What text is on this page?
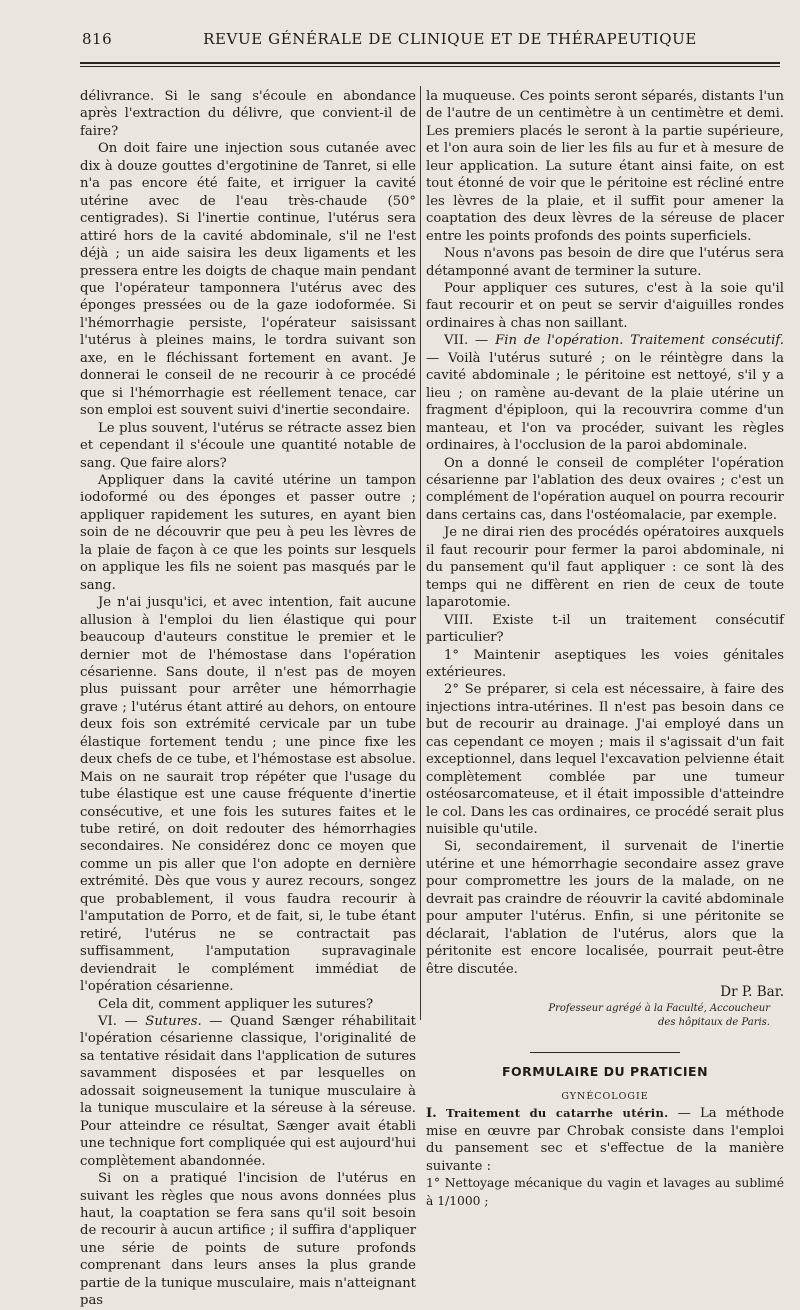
816	REVUE GÉNÉRALE DE CLINIQUE ET DE THÉRAPEUTIQUE

délivrance. Si le sang s'écoule en abondance après l'extraction du délivre, que convient-il de faire?

On doit faire une injection sous cutanée avec dix à douze gouttes d'ergotinine de Tanret, si elle n'a pas encore été faite, et irriguer la cavité utérine avec de l'eau très-chaude (50° centigrades). Si l'inertie continue, l'utérus sera attiré hors de la cavité abdominale, s'il ne l'est déjà ; un aide saisira les deux ligaments et les pressera entre les doigts de chaque main pendant que l'opérateur tamponnera l'utérus avec des éponges pressées ou de la gaze iodoformée. Si l'hémorrhagie persiste, l'opérateur saisissant l'utérus à pleines mains, le tordra suivant son axe, en le fléchissant fortement en avant. Je donnerai le conseil de ne recourir à ce procédé que si l'hémorrhagie est réellement tenace, car son emploi est souvent suivi d'inertie secondaire.

Le plus souvent, l'utérus se rétracte assez bien et cependant il s'écoule une quantité notable de sang. Que faire alors?

Appliquer dans la cavité utérine un tampon iodoformé ou des éponges et passer outre ; appliquer rapidement les sutures, en ayant bien soin de ne découvrir que peu à peu les lèvres de la plaie de façon à ce que les points sur lesquels on applique les fils ne soient pas masqués par le sang.

Je n'ai jusqu'ici, et avec intention, fait aucune allusion à l'emploi du lien élastique qui pour beaucoup d'auteurs constitue le premier et le dernier mot de l'hémostase dans l'opération césarienne. Sans doute, il n'est pas de moyen plus puissant pour arrêter une hémorrhagie grave ; l'utérus étant attiré au dehors, on entoure deux fois son extrémité cervicale par un tube élastique fortement tendu ; une pince fixe les deux chefs de ce tube, et l'hémostase est absolue. Mais on ne saurait trop répéter que l'usage du tube élastique est une cause fréquente d'inertie consécutive, et une fois les sutures faites et le tube retiré, on doit redouter des hémorrhagies secondaires. Ne considérez donc ce moyen que comme un pis aller que l'on adopte en dernière extrémité. Dès que vous y aurez recours, songez que probablement, il vous faudra recourir à l'amputation de Porro, et de fait, si, le tube étant retiré, l'utérus ne se contractait pas suffisamment, l'amputation supravaginale deviendrait le complément immédiat de l'opération césarienne.

Cela dit, comment appliquer les sutures?

VI. — Sutures. — Quand Sænger réhabilitait l'opération césarienne classique, l'originalité de sa tentative résidait dans l'application de sutures savamment disposées et par lesquelles on adossait soigneusement la tunique musculaire à la tunique musculaire et la séreuse à la séreuse. Pour atteindre ce résultat, Sænger avait établi une technique fort compliquée qui est aujourd'hui complètement abandonnée.

Si on a pratiqué l'incision de l'utérus en suivant les règles que nous avons données plus haut, la coaptation se fera sans qu'il soit besoin de recourir à aucun artifice ; il suffira d'appliquer une série de points de suture profonds comprenant dans leurs anses la plus grande partie de la tunique musculaire, mais n'atteignant pas

la muqueuse. Ces points seront séparés, distants l'un de l'autre de un centimètre à un centimètre et demi. Les premiers placés le seront à la partie supérieure, et l'on aura soin de lier les fils au fur et à mesure de leur application. La suture étant ainsi faite, on est tout étonné de voir que le péritoine est récliné entre les lèvres de la plaie, et il suffit pour amener la coaptation des deux lèvres de la séreuse de placer entre les points profonds des points superficiels.

Nous n'avons pas besoin de dire que l'utérus sera détamponné avant de terminer la suture.

Pour appliquer ces sutures, c'est à la soie qu'il faut recourir et on peut se servir d'aiguilles rondes ordinaires à chas non saillant.

VII. — Fin de l'opération. Traitement consécutif. — Voilà l'utérus suturé ; on le réintègre dans la cavité abdominale ; le péritoine est nettoyé, s'il y a lieu ; on ramène au-devant de la plaie utérine un fragment d'épiploon, qui la recouvrira comme d'un manteau, et l'on va procéder, suivant les règles ordinaires, à l'occlusion de la paroi abdominale.

On a donné le conseil de compléter l'opération césarienne par l'ablation des deux ovaires ; c'est un complément de l'opération auquel on pourra recourir dans certains cas, dans l'ostéomalacie, par exemple.

Je ne dirai rien des procédés opératoires auxquels il faut recourir pour fermer la paroi abdominale, ni du pansement qu'il faut appliquer : ce sont là des temps qui ne diffèrent en rien de ceux de toute laparotomie.

VIII. Existe t-il un traitement consécutif particulier?

1° Maintenir aseptiques les voies génitales extérieures.

2° Se préparer, si cela est nécessaire, à faire des injections intra-utérines. Il n'est pas besoin dans ce but de recourir au drainage. J'ai employé dans un cas cependant ce moyen ; mais il s'agissait d'un fait exceptionnel, dans lequel l'excavation pelvienne était complètement comblée par une tumeur ostéosarcomateuse, et il était impossible d'atteindre le col. Dans les cas ordinaires, ce procédé serait plus nuisible qu'utile.

Si, secondairement, il survenait de l'inertie utérine et une hémorrhagie secondaire assez grave pour compromettre les jours de la malade, on ne devrait pas craindre de réouvrir la cavité abdominale pour amputer l'utérus. Enfin, si une péritonite se déclarait, l'ablation de l'utérus, alors que la péritonite est encore localisée, pourrait peut-être être discutée.

Dr P. Bar.
Professeur agrégé à la Faculté, Accoucheur
des hôpitaux de Paris.
FORMULAIRE DU PRATICIEN
GYNÉCOLOGIE

I. Traitement du catarrhe utérin. — La méthode mise en œuvre par Chrobak consiste dans l'emploi du pansement sec et s'effectue de la manière suivante :

1° Nettoyage mécanique du vagin et lavages au sublimé à 1/1000 ;
